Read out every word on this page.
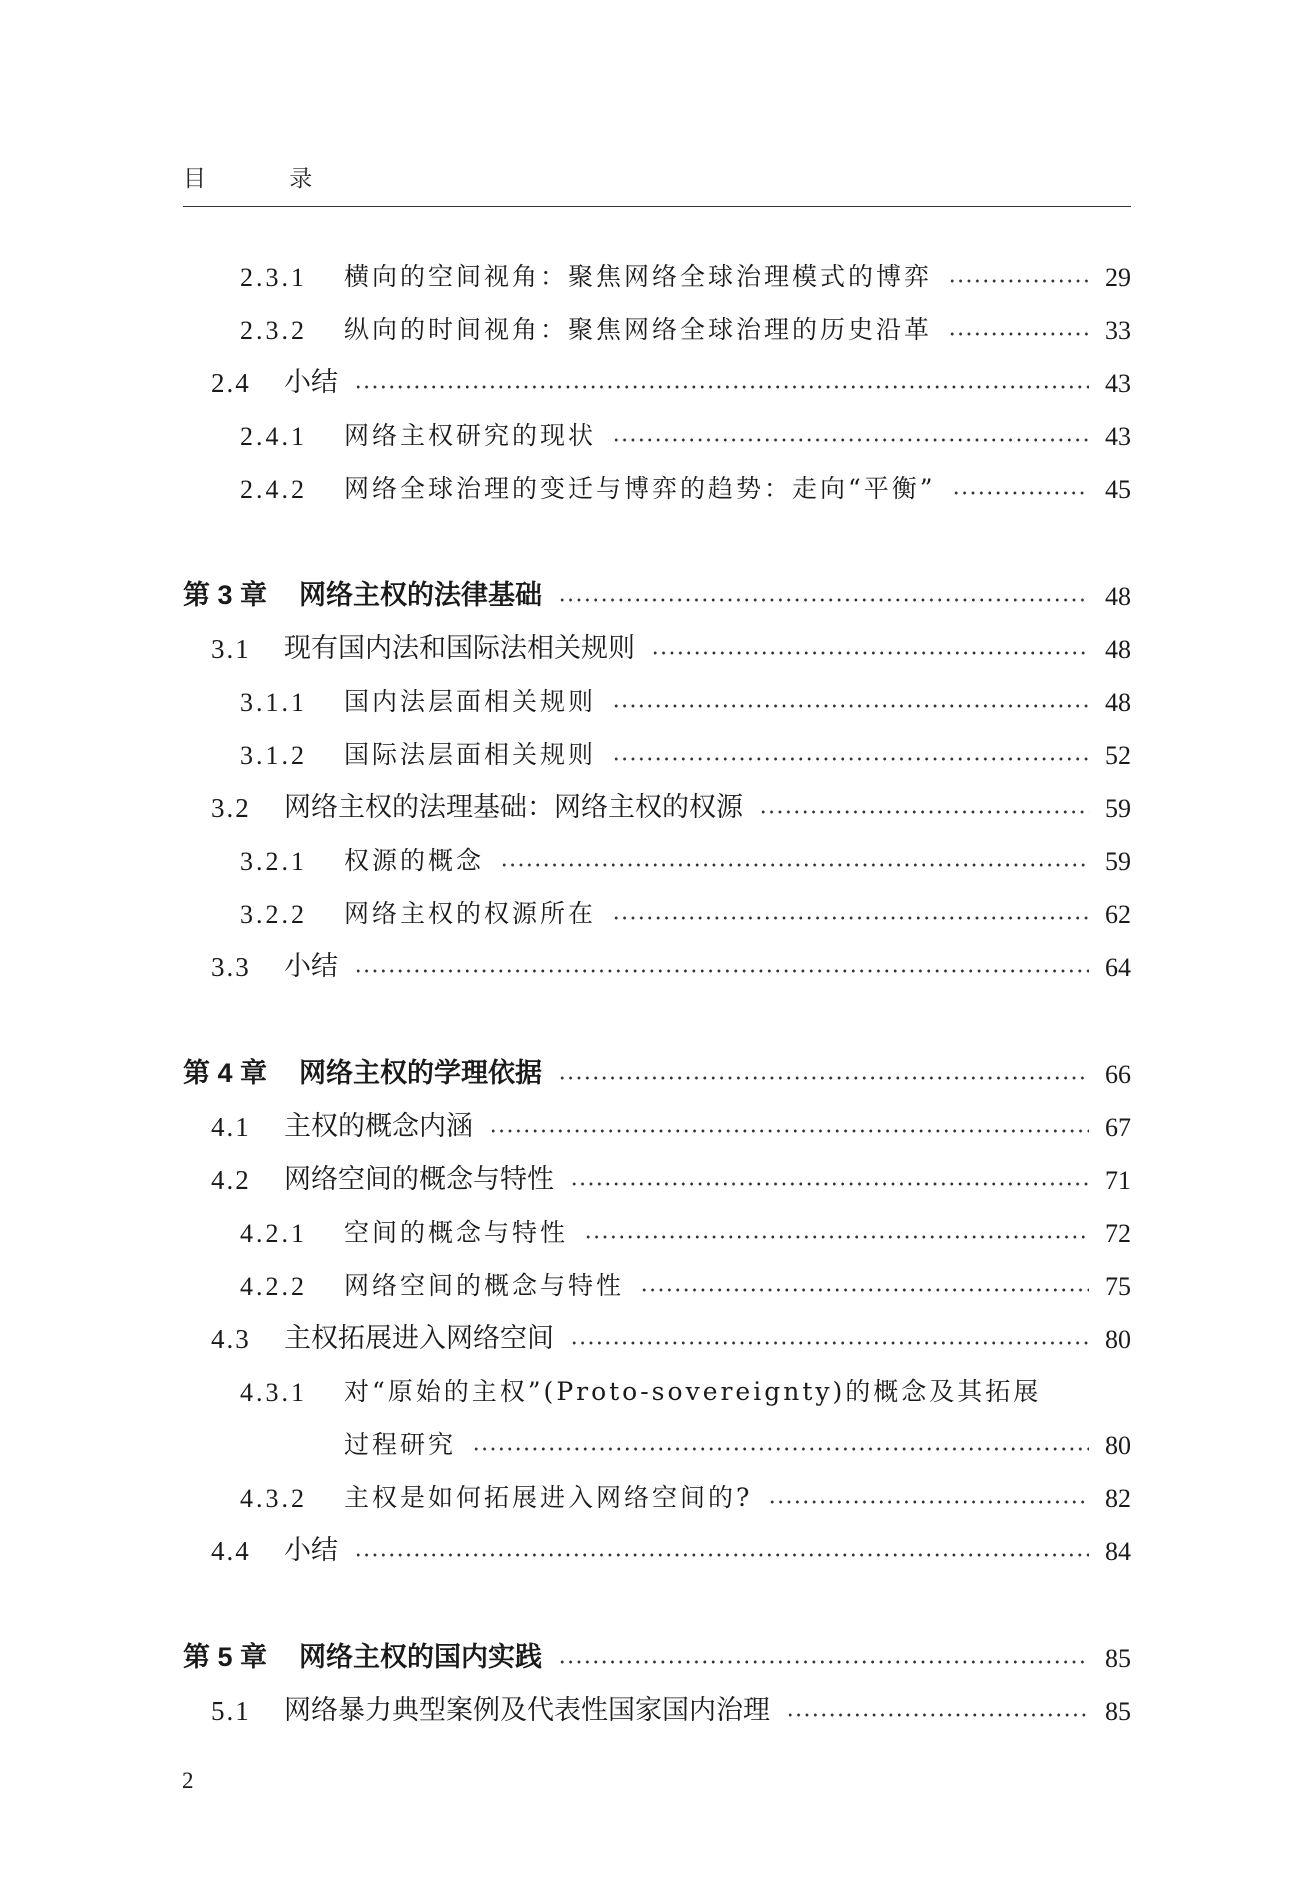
目 录
2.3.1	横向的空间视角：聚焦网络全球治理模式的博弈	29
2.3.2	纵向的时间视角：聚焦网络全球治理的历史沿革	33
2.4	小结	43
2.4.1	网络主权研究的现状	43
2.4.2	网络全球治理的变迁与博弈的趋势：走向“平衡”	45
第 3 章	网络主权的法律基础	48
3.1	现有国内法和国际法相关规则	48
3.1.1	国内法层面相关规则	48
3.1.2	国际法层面相关规则	52
3.2	网络主权的法理基础：网络主权的权源	59
3.2.1	权源的概念	59
3.2.2	网络主权的权源所在	62
3.3	小结	64
第 4 章	网络主权的学理依据	66
4.1	主权的概念内涵	67
4.2	网络空间的概念与特性	71
4.2.1	空间的概念与特性	72
4.2.2	网络空间的概念与特性	75
4.3	主权拓展进入网络空间	80
4.3.1	对“原始的主权”(Proto-sovereignty)的概念及其拓展
过程研究	80
4.3.2	主权是如何拓展进入网络空间的?	82
4.4	小结	84
第 5 章	网络主权的国内实践	85
5.1	网络暴力典型案例及代表性国家国内治理	85
2
